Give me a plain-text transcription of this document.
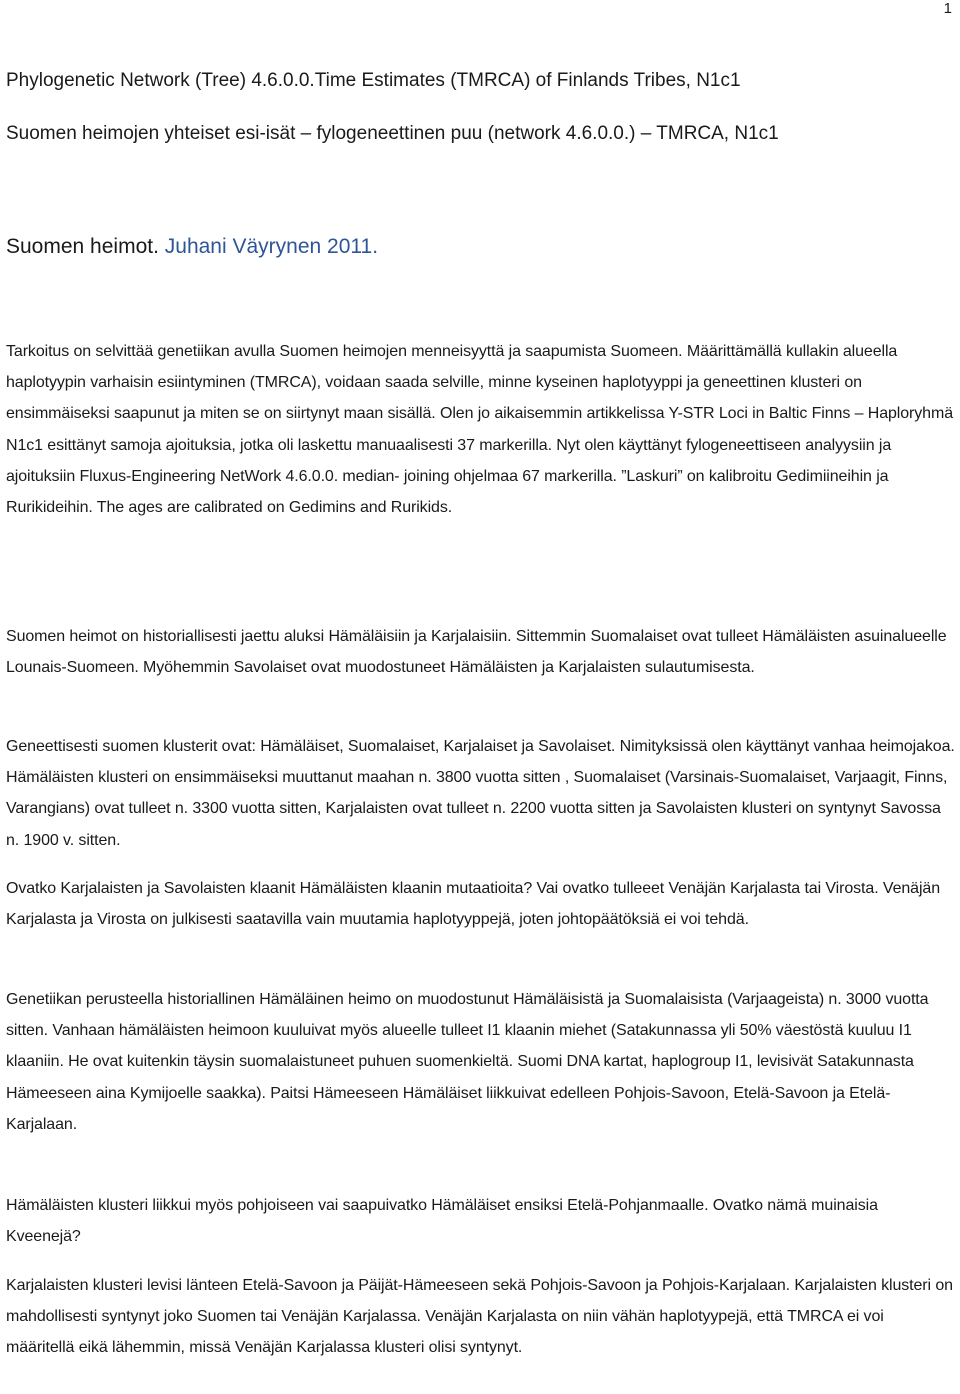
1
Phylogenetic Network (Tree) 4.6.0.0.Time Estimates (TMRCA) of Finlands Tribes, N1c1
Suomen heimojen yhteiset esi-isät – fylogeneettinen puu (network 4.6.0.0.) – TMRCA, N1c1
Suomen heimot. Juhani Väyrynen 2011.

Tarkoitus on selvittää genetiikan avulla Suomen heimojen menneisyyttä ja saapumista Suomeen. Määrittämällä kullakin alueella haplotyypin varhaisin esiintyminen (TMRCA), voidaan saada selville, minne kyseinen haplotyyppi ja geneettinen klusteri on ensimmäiseksi saapunut ja miten se on siirtynyt maan sisällä. Olen jo aikaisemmin artikkelissa Y-STR Loci in Baltic Finns – Haploryhmä N1c1 esittänyt samoja ajoituksia, jotka oli laskettu manuaalisesti 37 markerilla. Nyt olen käyttänyt fylogeneettiseen analyysiin ja ajoituksiin Fluxus-Engineering NetWork 4.6.0.0. median- joining ohjelmaa 67 markerilla. ”Laskuri” on kalibroitu Gedimiineihin ja Rurikideihin. The ages are calibrated on Gedimins and Rurikids.

Suomen heimot on historiallisesti jaettu aluksi Hämäläisiin ja Karjalaisiin. Sittemmin Suomalaiset ovat tulleet Hämäläisten asuinalueelle Lounais-Suomeen. Myöhemmin Savolaiset ovat muodostuneet Hämäläisten ja Karjalaisten sulautumisesta.

Geneettisesti suomen klusterit ovat: Hämäläiset, Suomalaiset, Karjalaiset ja Savolaiset. Nimityksissä olen käyttänyt vanhaa heimojakoa. Hämäläisten klusteri on ensimmäiseksi muuttanut maahan n. 3800 vuotta sitten , Suomalaiset (Varsinais-Suomalaiset, Varjaagit, Finns, Varangians) ovat tulleet n. 3300 vuotta sitten, Karjalaisten ovat tulleet n. 2200 vuotta sitten ja Savolaisten klusteri on syntynyt Savossa n. 1900 v. sitten.

Ovatko Karjalaisten ja Savolaisten klaanit Hämäläisten klaanin mutaatioita? Vai ovatko tulleeet Venäjän Karjalasta tai Virosta. Venäjän Karjalasta ja Virosta on julkisesti saatavilla vain muutamia haplotyyppejä, joten johtopäätöksiä ei voi tehdä.

Genetiikan perusteella historiallinen Hämäläinen heimo on muodostunut Hämäläisistä ja Suomalaisista (Varjaageista) n. 3000 vuotta sitten. Vanhaan hämäläisten heimoon kuuluivat myös alueelle tulleet I1 klaanin miehet (Satakunnassa yli 50% väestöstä kuuluu I1 klaaniin. He ovat kuitenkin täysin suomalaistuneet puhuen suomenkieltä. Suomi DNA kartat, haplogroup I1, levisivät Satakunnasta Hämeeseen aina Kymijoelle saakka). Paitsi Hämeeseen Hämäläiset liikkuivat edelleen Pohjois-Savoon, Etelä-Savoon ja Etelä-Karjalaan.

Hämäläisten klusteri liikkui myös pohjoiseen vai saapuivatko Hämäläiset ensiksi Etelä-Pohjanmaalle. Ovatko nämä muinaisia Kveenejä?

Karjalaisten klusteri levisi länteen Etelä-Savoon ja Päijät-Hämeeseen sekä Pohjois-Savoon ja Pohjois-Karjalaan. Karjalaisten klusteri on mahdollisesti syntynyt joko Suomen tai Venäjän Karjalassa. Venäjän Karjalasta on niin vähän haplotyypejä, että TMRCA ei voi määritellä eikä lähemmin, missä Venäjän Karjalassa klusteri olisi syntynyt.
